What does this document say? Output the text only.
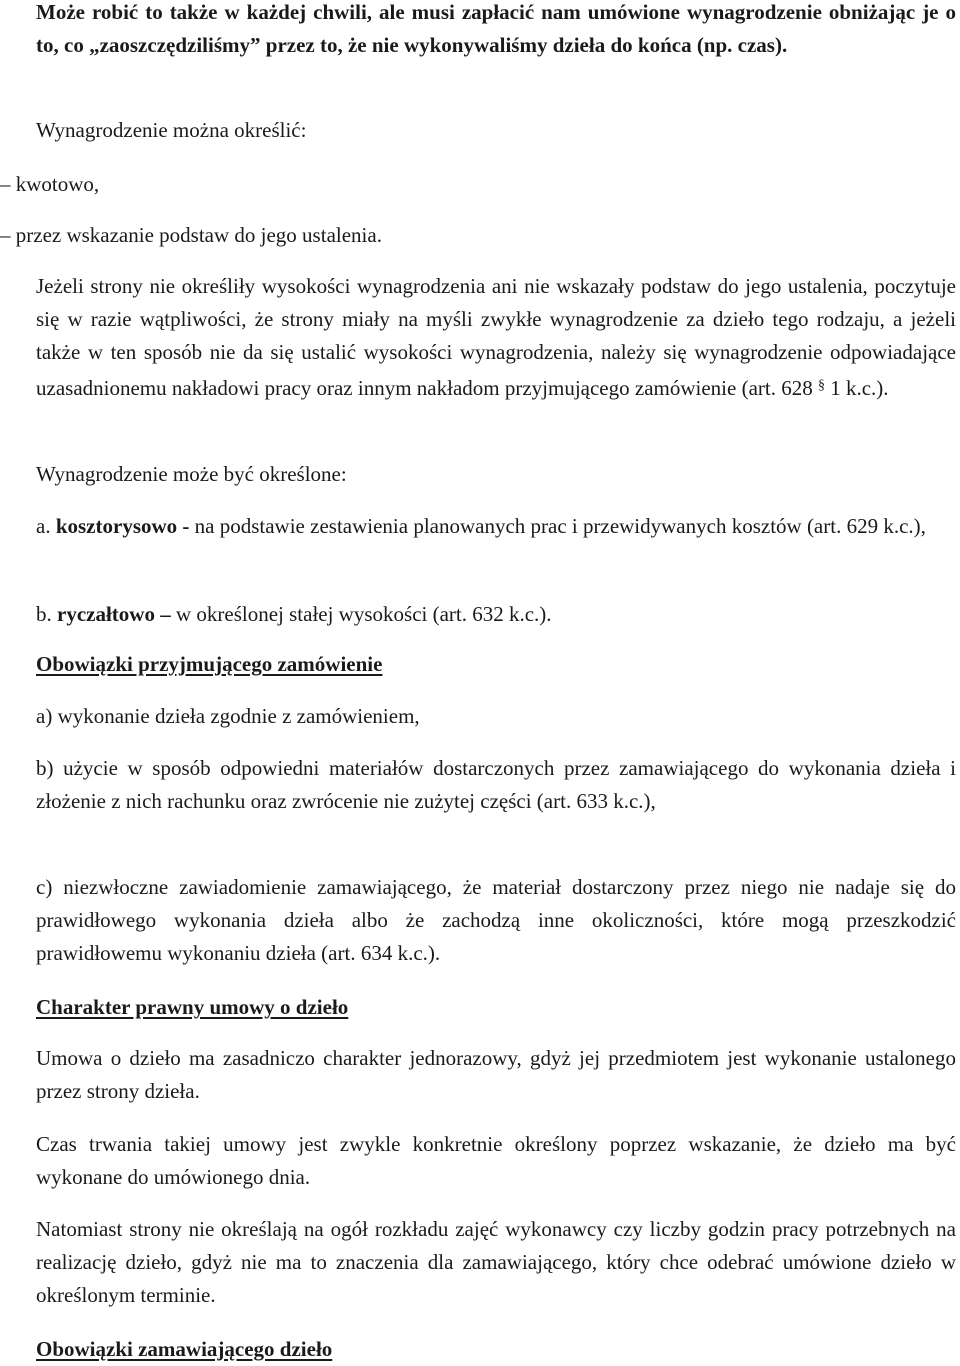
Może robić to także w każdej chwili, ale musi zapłacić nam umówione wynagrodzenie obniżając je o to, co „zaoszczędziliśmy” przez to, że nie wykonywaliśmy dzieła do końca (np. czas).

Wynagrodzenie można określić:

– kwotowo,

– przez wskazanie podstaw do jego ustalenia.

Jeżeli strony nie określiły wysokości wynagrodzenia ani nie wskazały podstaw do jego ustalenia, poczytuje się w razie wątpliwości, że strony miały na myśli zwykłe wynagrodzenie za dzieło tego rodzaju, a jeżeli także w ten sposób nie da się ustalić wysokości wynagrodzenia, należy się wynagrodzenie odpowiadające uzasadnionemu nakładowi pracy oraz innym nakładom przyjmującego zamówienie (art. 628 § 1 k.c.).

Wynagrodzenie może być określone:

a. kosztorysowo - na podstawie zestawienia planowanych prac i przewidywanych kosztów (art. 629 k.c.),

b. ryczałtowo – w określonej stałej wysokości (art. 632 k.c.).

Obowiązki przyjmującego zamówienie

a) wykonanie dzieła zgodnie z zamówieniem,

b) użycie w sposób odpowiedni materiałów dostarczonych przez zamawiającego do wykonania dzieła i złożenie z nich rachunku oraz zwrócenie nie zużytej części (art. 633 k.c.),

c) niezwłoczne zawiadomienie zamawiającego, że materiał dostarczony przez niego nie nadaje się do prawidłowego wykonania dzieła albo że zachodzą inne okoliczności, które mogą przeszkodzić prawidłowemu wykonaniu dzieła (art. 634 k.c.).

Charakter prawny umowy o dzieło

Umowa o dzieło ma zasadniczo charakter jednorazowy, gdyż jej przedmiotem jest wykonanie ustalonego przez strony dzieła.

Czas trwania takiej umowy jest zwykle konkretnie określony poprzez wskazanie, że dzieło ma być wykonane do umówionego dnia.

Natomiast strony nie określają na ogół rozkładu zajęć wykonawcy czy liczby godzin pracy potrzebnych na realizację dzieło, gdyż nie ma to znaczenia dla zamawiającego, który chce odebrać umówione dzieło w określonym terminie.

Obowiązki zamawiającego dzieło
